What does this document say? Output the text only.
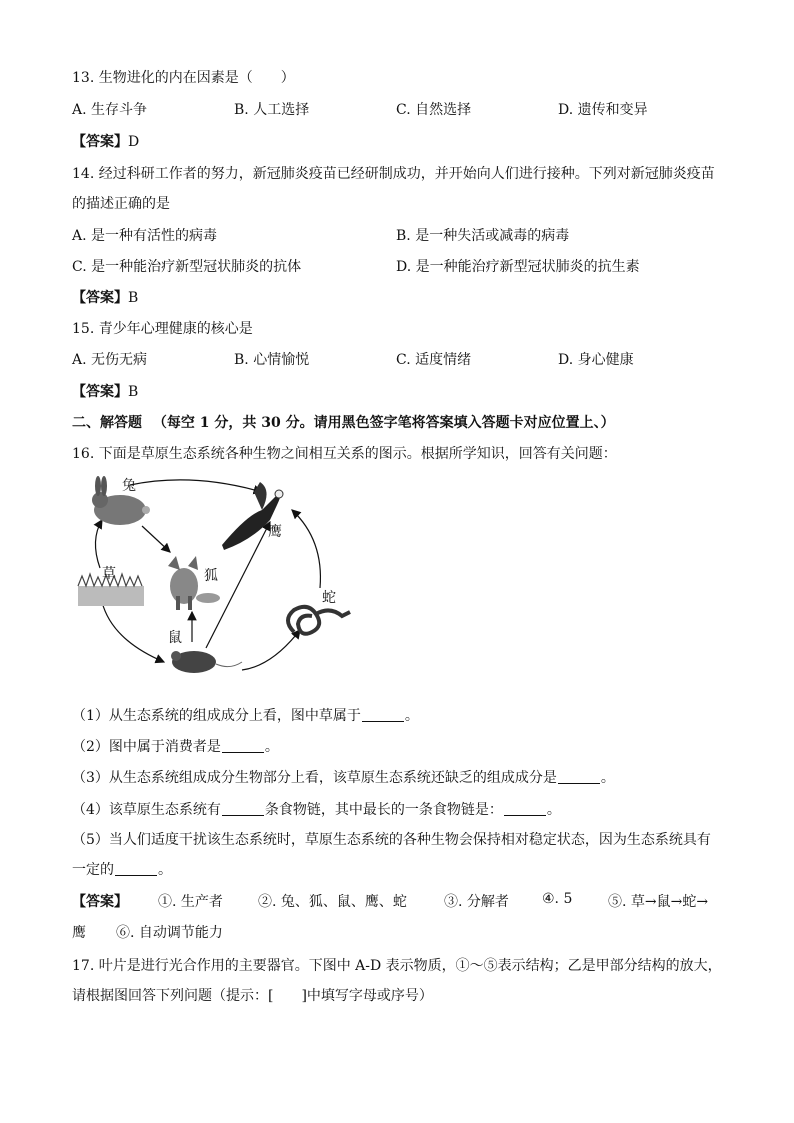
13. 生物进化的内在因素是（　　）
A. 生存斗争	B. 人工选择	C. 自然选择	D. 遗传和变异
【答案】D
14. 经过科研工作者的努力，新冠肺炎疫苗已经研制成功，并开始向人们进行接种。下列对新冠肺炎疫苗
的描述正确的是
A. 是一种有活性的病毒	B. 是一种失活或减毒的病毒
C. 是一种能治疗新型冠状肺炎的抗体	D. 是一种能治疗新型冠状肺炎的抗生素
【答案】B
15. 青少年心理健康的核心是
A. 无伤无病	B. 心情愉悦	C. 适度情绪	D. 身心健康
【答案】B
二、解答题 （每空 1 分，共 30 分。请用黑色签字笔将答案填入答题卡对应位置上、）
16. 下面是草原生态系统各种生物之间相互关系的图示。根据所学知识，回答有关问题：
兔
鹰
狐
草
蛇
鼠
（1）从生态系统的组成成分上看，图中草属于	。
（2）图中属于消费者是	。
（3）从生态系统组成成分生物部分上看，该草原生态系统还缺乏的组成成分是	。
（4）该草原生态系统有	条食物链，其中最长的一条食物链是：	。
（5）当人们适度干扰该生态系统时，草原生态系统的各种生物会保持相对稳定状态，因为生态系统具有
一定的	。
【答案】 ①. 生产者	②. 兔、狐、鼠、鹰、蛇	③. 分解者 ④. 5	⑤. 草→鼠→蛇→
鹰 ⑥. 自动调节能力
17. 叶片是进行光合作用的主要器官。下图中 A-D 表示物质，①～⑤表示结构；乙是甲部分结构的放大，
请根据图回答下列问题（提示：[　　]中填写字母或序号）
